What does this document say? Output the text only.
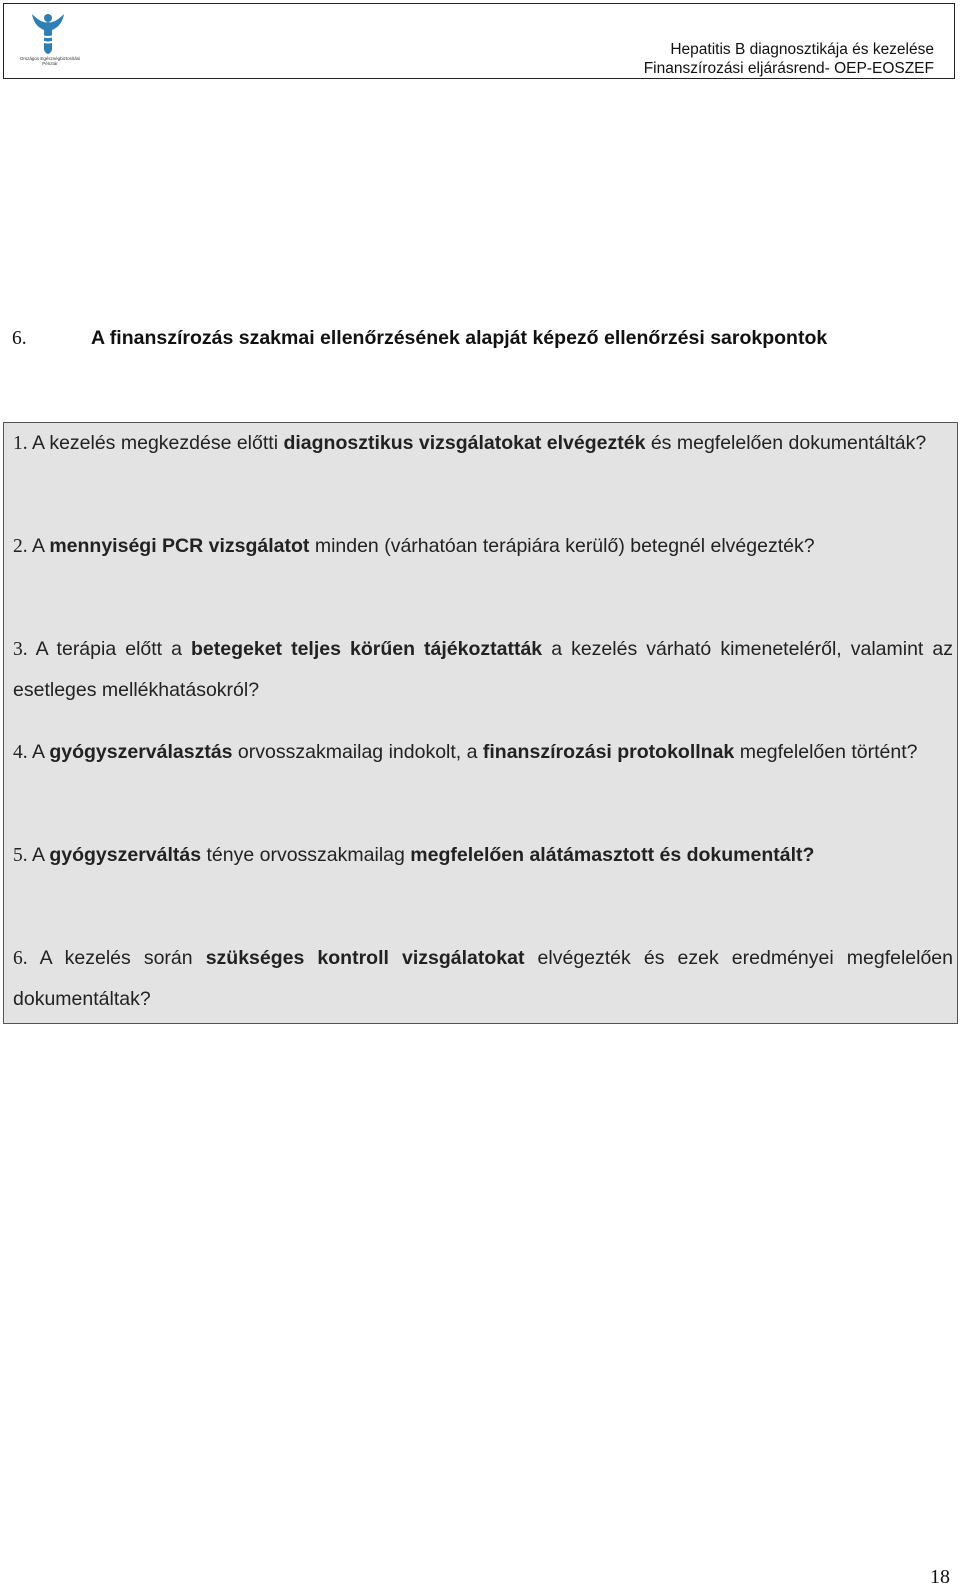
Országos Egészségbiztosítási Pénztár
Hepatitis B diagnosztikája és kezelése
Finanszírozási eljárásrend- OEP-EOSZEF
6.	A finanszírozás szakmai ellenőrzésének alapját képező ellenőrzési sarokpontok
1. A kezelés megkezdése előtti diagnosztikus vizsgálatokat elvégezték és megfelelően dokumentálták?
2. A mennyiségi PCR vizsgálatot minden (várhatóan terápiára kerülő) betegnél elvégezték?
3. A terápia előtt a betegeket teljes körűen tájékoztatták a kezelés várható kimeneteléről, valamint az esetleges mellékhatásokról?
4. A gyógyszerválasztás orvosszakmailag indokolt, a finanszírozási protokollnak megfelelően történt?
5. A gyógyszerváltás ténye orvosszakmailag megfelelően alátámasztott és dokumentált?
6. A kezelés során szükséges kontroll vizsgálatokat elvégezték és ezek eredményei megfelelően dokumentáltak?
18
